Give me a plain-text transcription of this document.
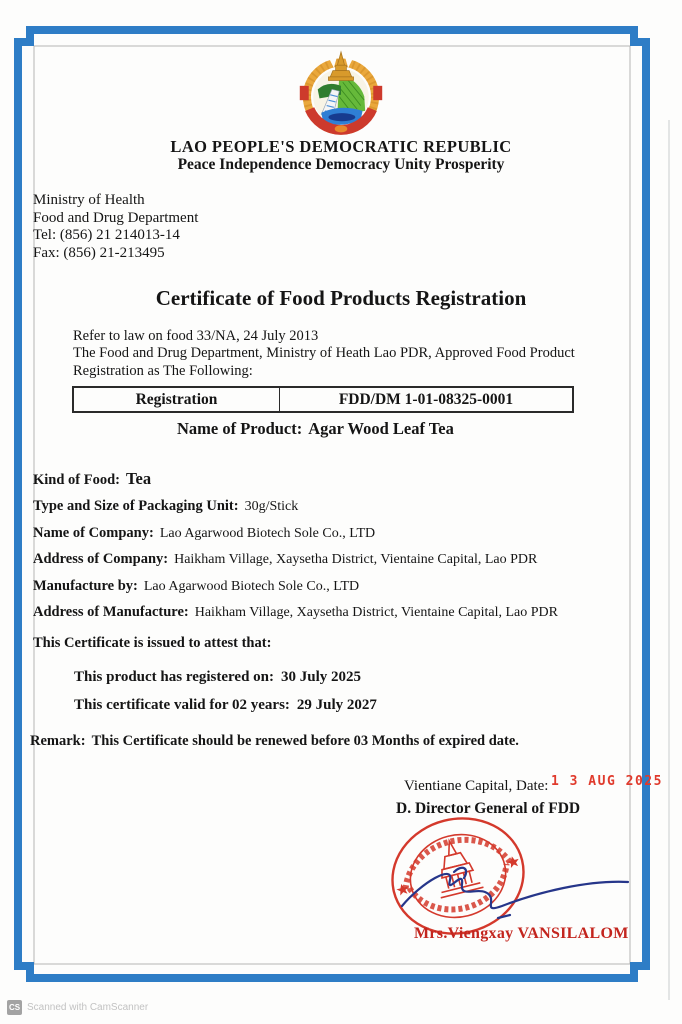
LAO PEOPLE'S DEMOCRATIC REPUBLIC
Peace Independence Democracy Unity Prosperity
Ministry of Health
Food and Drug Department
Tel: (856) 21 214013-14
Fax: (856) 21-213495
Certificate of Food Products Registration
Refer to law on food 33/NA, 24 July 2013
The Food and Drug Department, Ministry of Heath Lao PDR, Approved Food Product
Registration as The Following:
Registration	FDD/DM 1-01-08325-0001
Name of Product: Agar Wood Leaf Tea
Kind of Food: Tea
Type and Size of Packaging Unit: 30g/Stick
Name of Company: Lao Agarwood Biotech Sole Co., LTD
Address of Company: Haikham Village, Xaysetha District, Vientaine Capital, Lao PDR
Manufacture by: Lao Agarwood Biotech Sole Co., LTD
Address of Manufacture: Haikham Village, Xaysetha District, Vientaine Capital, Lao PDR
This Certificate is issued to attest that:
This product has registered on: 30 July 2025
This certificate valid for 02 years: 29 July 2027
Remark: This Certificate should be renewed before 03 Months of expired date.
Vientiane Capital, Date: 1 3 AUG 2025
D. Director General of FDD
Mrs.Viengxay VANSILALOM
CS Scanned with CamScanner
